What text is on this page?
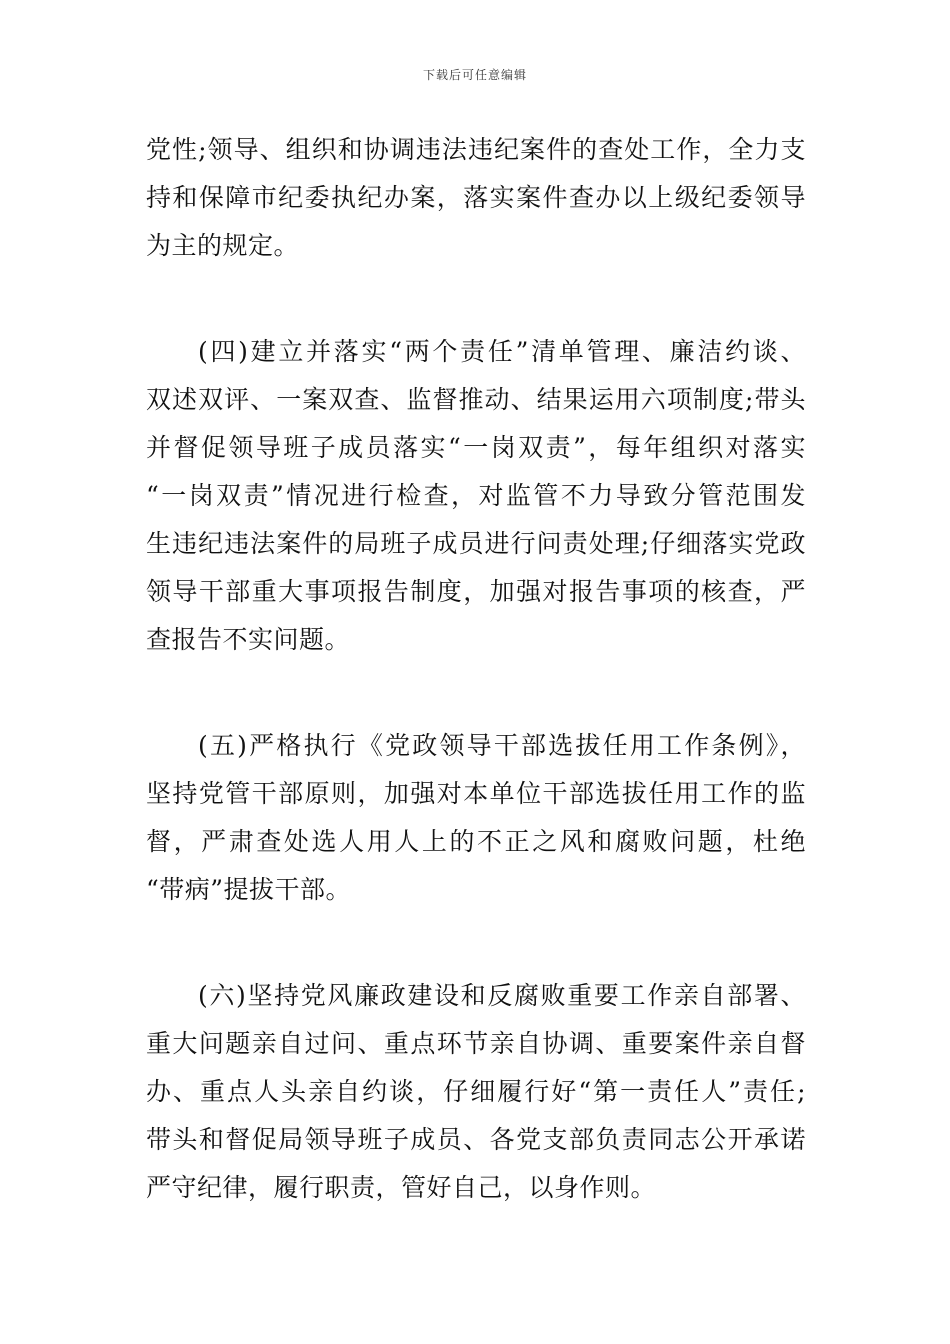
下载后可任意编辑
党性;领导、组织和协调违法违纪案件的查处工作，全力支
持和保障市纪委执纪办案，落实案件查办以上级纪委领导
为主的规定。
(四)建立并落实“两个责任”清单管理、廉洁约谈、
双述双评、一案双查、监督推动、结果运用六项制度;带头
并督促领导班子成员落实“一岗双责”，每年组织对落实
“一岗双责”情况进行检查，对监管不力导致分管范围发
生违纪违法案件的局班子成员进行问责处理;仔细落实党政
领导干部重大事项报告制度，加强对报告事项的核查，严
查报告不实问题。
(五)严格执行《党政领导干部选拔任用工作条例》，
坚持党管干部原则，加强对本单位干部选拔任用工作的监
督，严肃查处选人用人上的不正之风和腐败问题，杜绝
“带病”提拔干部。
(六)坚持党风廉政建设和反腐败重要工作亲自部署、
重大问题亲自过问、重点环节亲自协调、重要案件亲自督
办、重点人头亲自约谈，仔细履行好“第一责任人”责任;
带头和督促局领导班子成员、各党支部负责同志公开承诺
严守纪律，履行职责，管好自己，以身作则。
